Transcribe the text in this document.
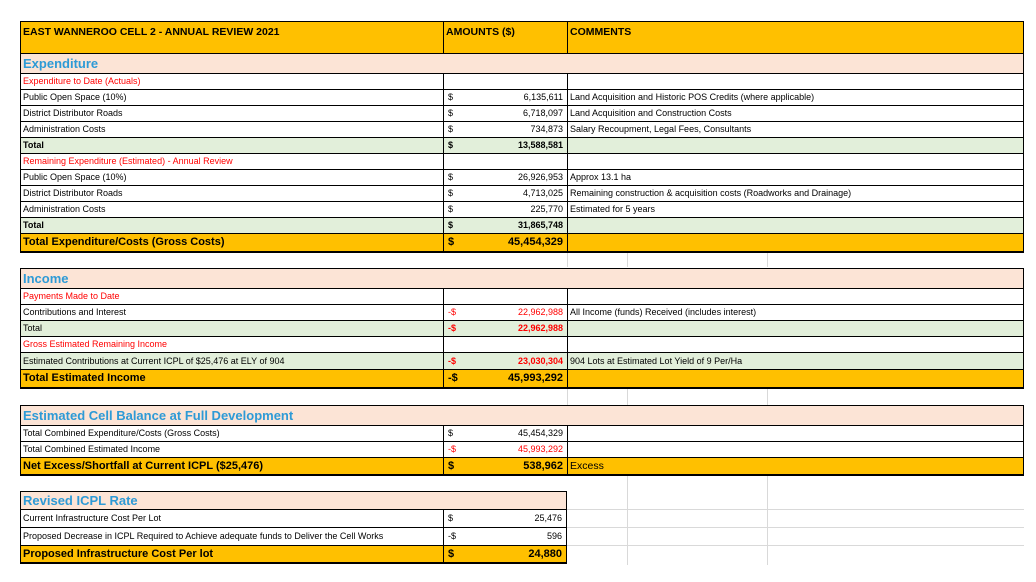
EAST WANNEROO CELL 2 - ANNUAL REVIEW 2021	AMOUNTS ($)	COMMENTS
Expenditure
Expenditure to Date (Actuals)
Public Open Space (10%)	$	6,135,611 Land Acquisition and Historic POS Credits (where applicable)
District Distributor Roads	$	6,718,097 Land Acquisition and Construction Costs
Administration Costs	$	734,873 Salary Recoupment, Legal Fees, Consultants
Total	$	13,588,581
Remaining Expenditure (Estimated) - Annual Review
Public Open Space (10%)	$	26,926,953 Approx 13.1 ha
District Distributor Roads	$	4,713,025 Remaining construction & acquisition costs (Roadworks and Drainage)
Administration Costs	$	225,770 Estimated for 5 years
Total	$	31,865,748
Total Expenditure/Costs (Gross Costs)	$	45,454,329
Income
Payments Made to Date
Contributions and Interest	-$	22,962,988 All Income (funds) Received (includes interest)
Total	-$	22,962,988
Gross Estimated Remaining Income
Estimated Contributions at Current ICPL of $25,476 at ELY of 904	-$	23,030,304 904 Lots at Estimated Lot Yield of 9 Per/Ha
Total Estimated Income	-$	45,993,292
Estimated Cell Balance at Full Development
Total Combined Expenditure/Costs (Gross Costs)	$	45,454,329
Total Combined Estimated Income	-$	45,993,292
Net Excess/Shortfall at Current ICPL ($25,476)	$	538,962 Excess
Revised ICPL Rate
Current Infrastructure Cost Per Lot	$	25,476
Proposed Decrease in ICPL Required to Achieve adequate funds to Deliver the Cell Works	-$	596
Proposed Infrastructure Cost Per lot	$	24,880
